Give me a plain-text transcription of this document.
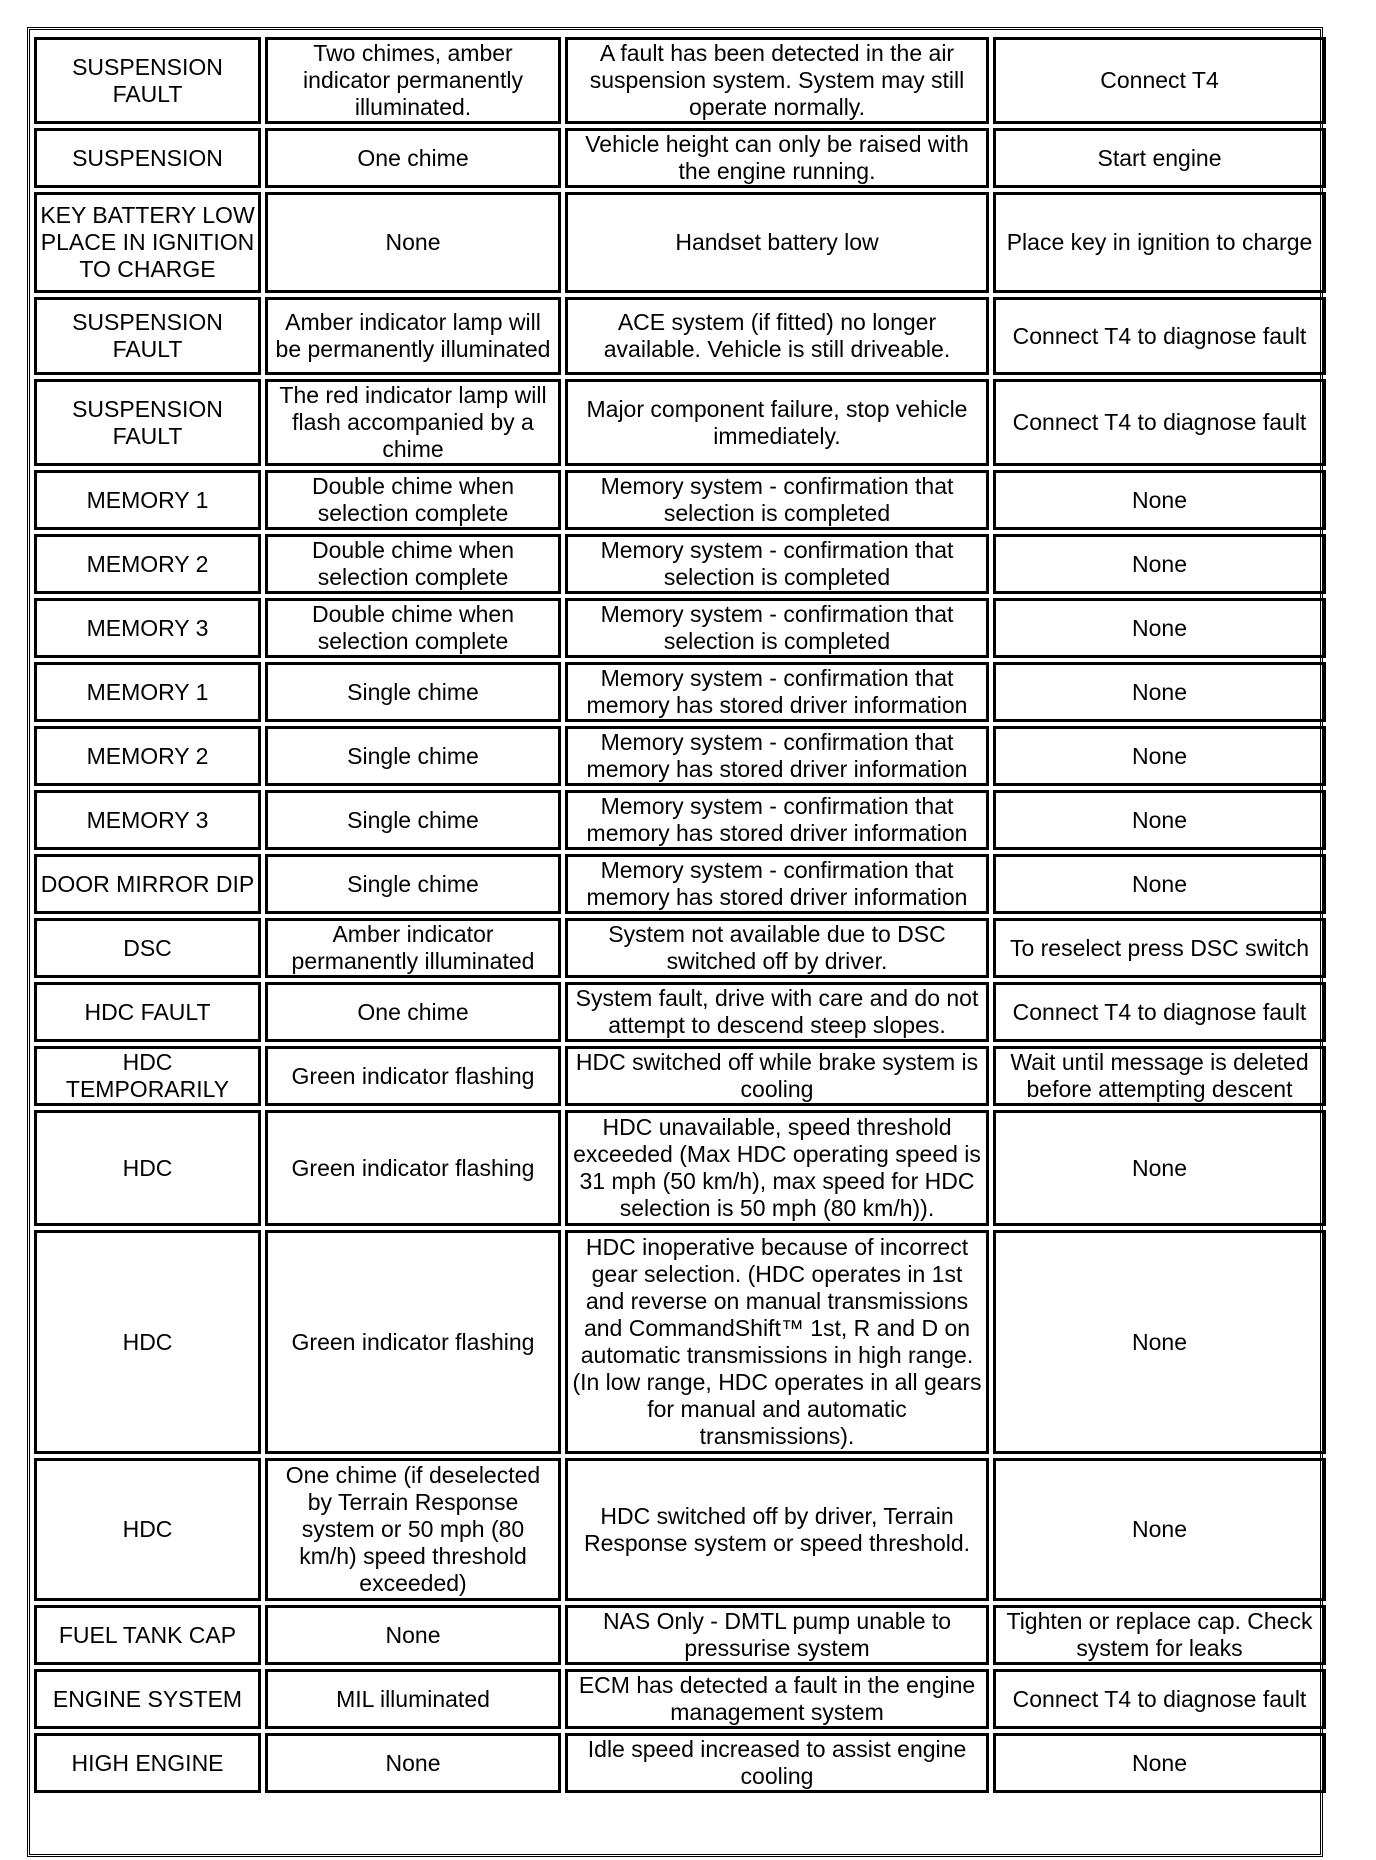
SUSPENSION FAULT	Two chimes, amber indicator permanently illuminated.	A fault has been detected in the air suspension system. System may still operate normally.	Connect T4
SUSPENSION	One chime	Vehicle height can only be raised with the engine running.	Start engine
KEY BATTERY LOW PLACE IN IGNITION TO CHARGE	None	Handset battery low	Place key in ignition to charge
SUSPENSION FAULT	Amber indicator lamp will be permanently illuminated	ACE system (if fitted) no longer available. Vehicle is still driveable.	Connect T4 to diagnose fault
SUSPENSION FAULT	The red indicator lamp will flash accompanied by a chime	Major component failure, stop vehicle immediately.	Connect T4 to diagnose fault
MEMORY 1	Double chime when selection complete	Memory system - confirmation that selection is completed	None
MEMORY 2	Double chime when selection complete	Memory system - confirmation that selection is completed	None
MEMORY 3	Double chime when selection complete	Memory system - confirmation that selection is completed	None
MEMORY 1	Single chime	Memory system - confirmation that memory has stored driver information	None
MEMORY 2	Single chime	Memory system - confirmation that memory has stored driver information	None
MEMORY 3	Single chime	Memory system - confirmation that memory has stored driver information	None
DOOR MIRROR DIP	Single chime	Memory system - confirmation that memory has stored driver information	None
DSC	Amber indicator permanently illuminated	System not available due to DSC switched off by driver.	To reselect press DSC switch
HDC FAULT	One chime	System fault, drive with care and do not attempt to descend steep slopes.	Connect T4 to diagnose fault
HDC TEMPORARILY	Green indicator flashing	HDC switched off while brake system is cooling	Wait until message is deleted before attempting descent
HDC	Green indicator flashing	HDC unavailable, speed threshold exceeded (Max HDC operating speed is 31 mph (50 km/h), max speed for HDC selection is 50 mph (80 km/h)).	None
HDC	Green indicator flashing	HDC inoperative because of incorrect gear selection. (HDC operates in 1st and reverse on manual transmissions and CommandShift™ 1st, R and D on automatic transmissions in high range. (In low range, HDC operates in all gears for manual and automatic transmissions).	None
HDC	One chime (if deselected by Terrain Response system or 50 mph (80 km/h) speed threshold exceeded)	HDC switched off by driver, Terrain Response system or speed threshold.	None
FUEL TANK CAP	None	NAS Only - DMTL pump unable to pressurise system	Tighten or replace cap. Check system for leaks
ENGINE SYSTEM	MIL illuminated	ECM has detected a fault in the engine management system	Connect T4 to diagnose fault
HIGH ENGINE	None	Idle speed increased to assist engine cooling	None
